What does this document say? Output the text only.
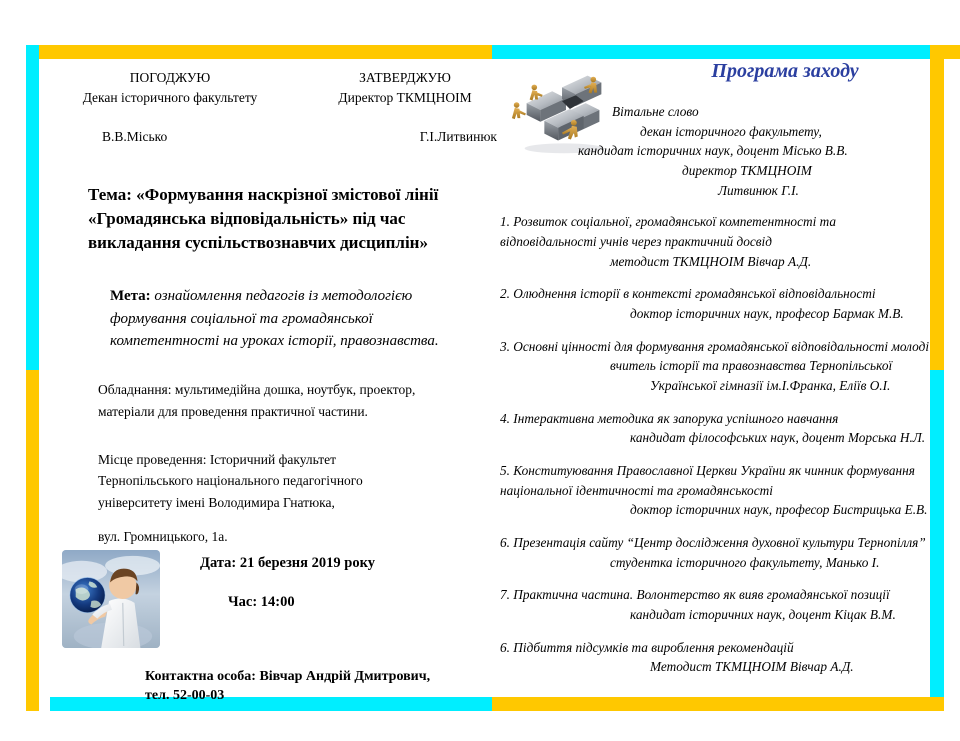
ПОГОДЖУЮ
Декан історичного факультету
В.В.Місько
ЗАТВЕРДЖУЮ
Директор ТКМЦНОІМ
Г.І.Литвинюк
Тема: «Формування наскрізної змістової лінії «Громадянська відповідальність» під час викладання суспільствознавчих дисциплін»
Мета: ознайомлення педагогів із методологією формування соціальної та громадянської компетентності на уроках історії, правознавства.
Обладнання: мультимедійна дошка, ноутбук, проектор,
матеріали для проведення практичної частини.
Місце проведення: Історичний факультет
Тернопільського національного педагогічного
університету імені Володимира Гнатюка,
вул. Громницького, 1а.
Дата: 21 березня 2019 року
Час: 14:00
Контактна особа: Вівчар Андрій Дмитрович,
тел. 52-00-03
Програма заходу
Вітальне слово
декан історичного факультету,
кандидат історичних наук, доцент Місько В.В.
директор ТКМЦНОІМ
Литвинюк Г.І.
1. Розвиток соціальної, громадянської компетентності та відповідальності учнів через практичний досвід
методист ТКМЦНОІМ Вівчар А.Д.
2. Олюднення історії в контексті громадянської відповідальності
доктор історичних наук, професор Бармак М.В.
3. Основні цінності для формування громадянської відповідальності молоді
вчитель історії та правознавства Тернопільської
Української гімназії ім.І.Франка, Еліїв О.І.
4. Інтерактивна методика як запорука успішного навчання
кандидат філософських наук, доцент Морська Н.Л.
5. Конституювання Православної Церкви України як чинник формування національної ідентичності та громадянськості
доктор історичних наук, професор Бистрицька Е.В.
6. Презентація сайту “Центр дослідження духовної культури Тернопілля”
студентка історичного факультету, Манько І.
7. Практична частина. Волонтерство як вияв громадянської позиції
кандидат історичних наук, доцент Кіцак В.М.
6. Підбиття підсумків та вироблення рекомендацій
Методист ТКМЦНОІМ Вівчар А.Д.
